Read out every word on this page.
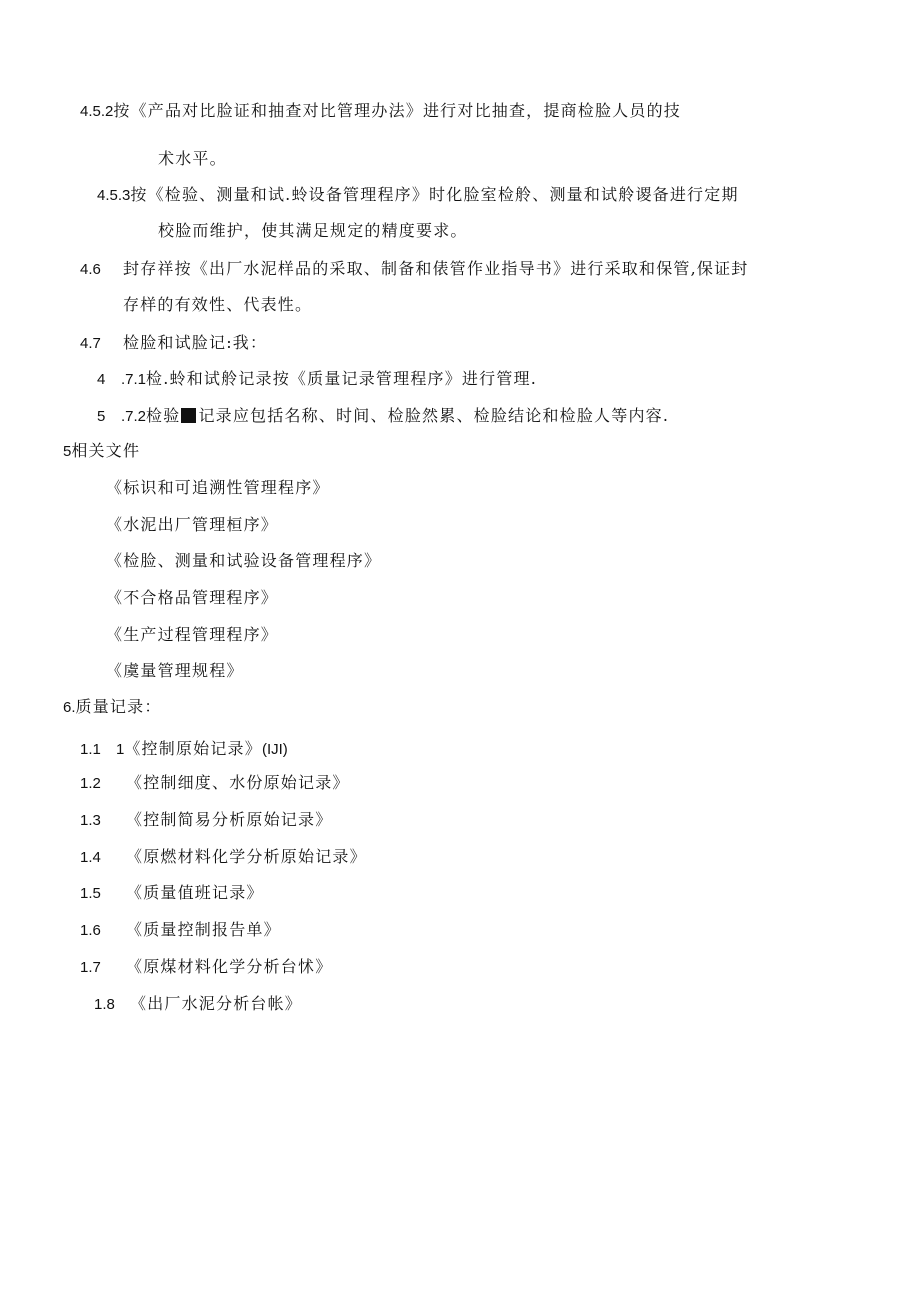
4.5.2按《产品对比脸证和抽查对比管理办法》进行对比抽查，提商检脸人员的技
术水平。
4.5.3按《检验、测量和试.蛉设备管理程序》时化脸室检舲、测量和试舲谡备进行定期
校脸而维护，使其满足规定的精度要求。
4.6 封存祥按《出厂水泥样品的采取、制备和俵管作业指导书》进行采取和保管,保证封
存样的有效性、代表性。
4.7 检脸和试脸记:我：
4 .7.1检.蛉和试舲记录按《质量记录管理程序》进行管理.
5 .7.2检验 记录应包括名称、时间、检脸然累、检脸结论和检脸人等内容.
5相关文件
《标识和可追溯性管理程序》
《水泥出厂管理桓序》
《检脸、测量和试验设备管理程序》
《不合格品管理程序》
《生产过程管理程序》
《虞量管理规程》
6.质量记录：
1.1 1《控制原始记录》(IJI)
1.2 《控制细度、水份原始记录》
1.3 《控制简易分析原始记录》
1.4 《原燃材料化学分析原始记录》
1.5 《质量值班记录》
1.6 《质量控制报告单》
1.7 《原煤材料化学分析台怵》
1.8 《出厂水泥分析台帐》
